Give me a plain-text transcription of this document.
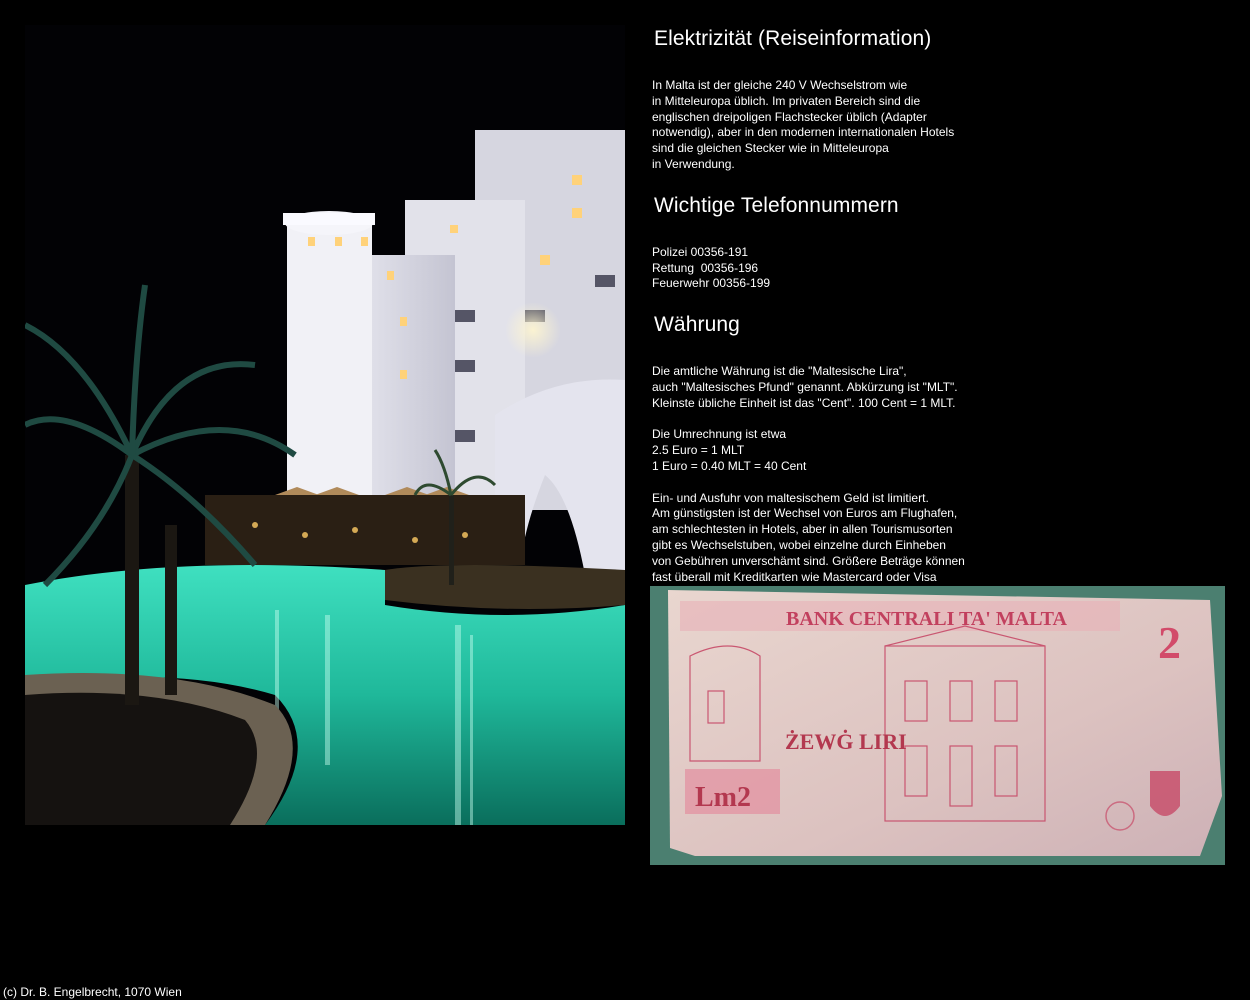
Elektrizität (Reiseinformation)

In Malta ist der gleiche 240 V Wechselstrom wie
in Mitteleuropa üblich. Im privaten Bereich sind die
englischen dreipoligen Flachstecker üblich (Adapter
notwendig), aber in den modernen internationalen Hotels
sind die gleichen Stecker wie in Mitteleuropa
in Verwendung.

Wichtige Telefonnummern

Polizei 00356-191
Rettung  00356-196
Feuerwehr 00356-199

Währung

Die amtliche Währung ist die "Maltesische Lira",
auch "Maltesisches Pfund" genannt. Abkürzung ist "MLT".
Kleinste übliche Einheit ist das "Cent". 100 Cent = 1 MLT.

Die Umrechnung ist etwa
2.5 Euro = 1 MLT
1 Euro = 0.40 MLT = 40 Cent

Ein- und Ausfuhr von maltesischem Geld ist limitiert.
Am günstigsten ist der Wechsel von Euros am Flughafen,
am schlechtesten in Hotels, aber in allen Tourismusorten
gibt es Wechselstuben, wobei einzelne durch Einheben
von Gebühren unverschämt sind. Größere Beträge können
fast überall mit Kreditkarten wie Mastercard oder Visa

BANK CENTRALI TA' MALTA 2
ŻEWĠ LIRI
Lm2
(c) Dr. B. Engelbrecht, 1070 Wien
